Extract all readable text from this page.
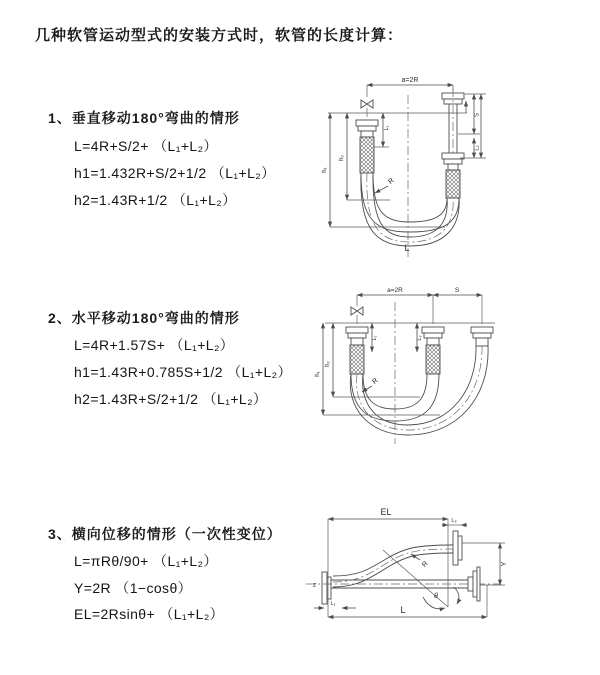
几种软管运动型式的安装方式时，软管的长度计算：
1、垂直移动180°弯曲的情形
L=4R+S/2+ （L₁+L₂）
h1=1.432R+S/2+1/2 （L₁+L₂）
h2=1.43R+1/2 （L₁+L₂）
a=2R
h₁
h₂
L₁
S
L₂
R
L
2、水平移动180°弯曲的情形
L=4R+1.57S+ （L₁+L₂）
h1=1.43R+0.785S+1/2 （L₁+L₂）
h2=1.43R+S/2+1/2 （L₁+L₂）
a=2R	S
L₁	L₂
h₁
h₂
R
3、横向位移的情形（一次性变位）
L=πRθ/90+ （L₁+L₂）
Y=2R （1−cosθ）
EL=2Rsinθ+ （L₁+L₂）
EL
L₂
Z
R
θ
Y
L
L₁
